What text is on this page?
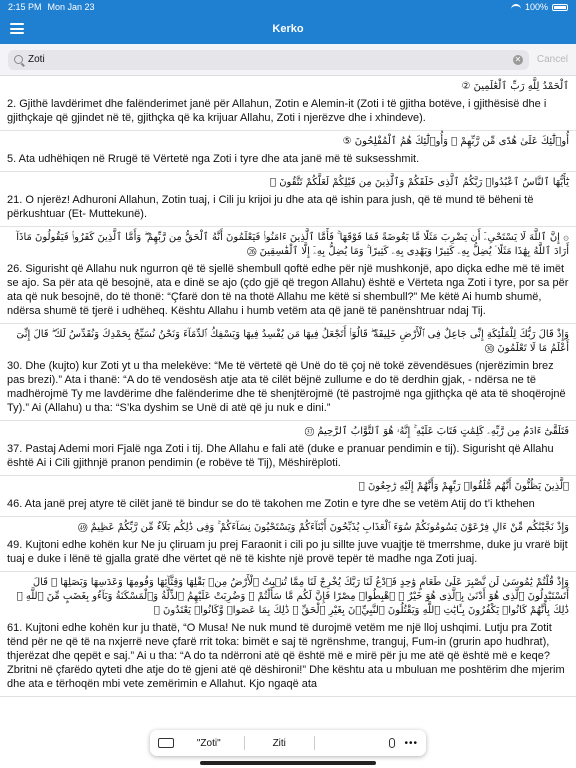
2:15 PM Mon Jan 23	100%
Kerko
Zoti
✕ Cancel
ٱلْحَمْدُ لِلَّهِ رَبِّ ٱلْعَٰلَمِينَ ②
2. Gjithë lavdërimet dhe falënderimet janë për Allahun, Zotin e Alemin-it (Zoti i të gjitha botëve, i gjithësisë dhe i gjithçkaje që gjindet në të, gjithçka që ka krijuar Allahu, Zoti i njerëzve dhe i xhindeve).
أُو۟لَٰٓئِكَ عَلَىٰ هُدًى مِّن رَّبِّهِمْ ۖ وَأُو۟لَٰٓئِكَ هُمُ ٱلْمُفْلِحُونَ ⑤
5. Ata udhëhiqen në Rrugë të Vërtetë nga Zoti i tyre dhe ata janë më të suksesshmit.
يَٰٓأَيُّهَا ٱلنَّاسُ ٱعْبُدُوا۟ رَبَّكُمُ ٱلَّذِى خَلَقَكُمْ وَٱلَّذِينَ مِن قَبْلِكُمْ لَعَلَّكُمْ تَتَّقُونَ ㉑
21. O njerëz! Adhuroni Allahun, Zotin tuaj, i Cili ju krijoi ju dhe ata që ishin para jush, që të mund të bëheni të përkushtuar (Et- Muttekunë).
۞ إِنَّ ٱللَّهَ لَا يَسْتَحْىِۦٓ أَن يَضْرِبَ مَثَلًا مَّا بَعُوضَةً فَمَا فَوْقَهَا ۚ فَأَمَّا ٱلَّذِينَ ءَامَنُوا۟ فَيَعْلَمُونَ أَنَّهُ ٱلْحَقُّ مِن رَّبِّهِمْ ۖ وَأَمَّا ٱلَّذِينَ كَفَرُوا۟ فَيَقُولُونَ مَاذَآ أَرَادَ ٱللَّهُ بِهَٰذَا مَثَلًا ۘ يُضِلُّ بِهِۦ كَثِيرًا وَيَهْدِى بِهِۦ كَثِيرًا ۚ وَمَا يُضِلُّ بِهِۦٓ إِلَّا ٱلْفَٰسِقِينَ ㉖
26. Sigurisht që Allahu nuk ngurron që të sjellë shembull qoftë edhe për një mushkonjë, apo diçka edhe më të imët se ajo. Sa për ata që besojnë, ata e dinë se ajo (çdo gjë që tregon Allahu) është e Vërteta nga Zoti i tyre, por sa për ata që nuk besojnë, do të thonë: “Çfarë don të na thotë Allahu me këtë si shembull?” Me këtë Ai humb shumë, ndërsa shumë të tjerë i udhëheq. Kështu Allahu i humb vetëm ata që janë të panënshtruar ndaj Tij.
وَإِذْ قَالَ رَبُّكَ لِلْمَلَٰٓئِكَةِ إِنِّى جَاعِلٌ فِى ٱلْأَرْضِ خَلِيفَةً ۖ قَالُوٓا۟ أَتَجْعَلُ فِيهَا مَن يُفْسِدُ فِيهَا وَيَسْفِكُ ٱلدِّمَآءَ وَنَحْنُ نُسَبِّحُ بِحَمْدِكَ وَنُقَدِّسُ لَكَ ۖ قَالَ إِنِّىٓ أَعْلَمُ مَا لَا تَعْلَمُونَ ㉚
30. Dhe (kujto) kur Zoti yt u tha melekëve: “Me të vërtetë që Unë do të çoj në tokë zëvendësues (njerëzimin brez pas brezi).” Ata i thanë: “A do të vendosësh atje ata të cilët bëjnë zullume e do të derdhin gjak, - ndërsa ne të madhërojmë Ty me lavdërime dhe falënderime dhe të shenjtërojmë (të pastrojmë nga gjithçka që ata të shoqërojnë Ty).” Ai (Allahu) u tha: “S’ka dyshim se Unë di atë që ju nuk e dini.”
فَتَلَقَّىٰٓ ءَادَمُ مِن رَّبِّهِۦ كَلِمَٰتٍ فَتَابَ عَلَيْهِ ۚ إِنَّهُۥ هُوَ ٱلتَّوَّابُ ٱلرَّحِيمُ ㊲
37. Pastaj Ademi mori Fjalë nga Zoti i tij. Dhe Allahu e fali atë (duke e pranuar pendimin e tij). Sigurisht që Allahu është Ai i Cili gjithnjë pranon pendimin (e robëve të Tij), Mëshirëploti.
ٱلَّذِينَ يَظُنُّونَ أَنَّهُم مُّلَٰقُوا۟ رَبِّهِمْ وَأَنَّهُمْ إِلَيْهِ رَٰجِعُونَ ㊻
46. Ata janë prej atyre të cilët janë të bindur se do të takohen me Zotin e tyre dhe se vetëm Atij do t’i kthehen
وَإِذْ نَجَّيْنَٰكُم مِّنْ ءَالِ فِرْعَوْنَ يَسُومُونَكُمْ سُوٓءَ ٱلْعَذَابِ يُذَبِّحُونَ أَبْنَآءَكُمْ وَيَسْتَحْيُونَ نِسَآءَكُمْ ۚ وَفِى ذَٰلِكُم بَلَآءٌ مِّن رَّبِّكُمْ عَظِيمٌ ㊾
49. Kujtoni edhe kohën kur Ne ju çliruam ju prej Faraonit i cili po ju sillte juve vuajtje të tmerrshme, duke ju vrarë bijt tuaj e duke i lënë të gjalla gratë dhe vërtet që në të kishte një provë tepër të madhe nga Zoti juaj.
وَإِذْ قُلْتُمْ يَٰمُوسَىٰ لَن نَّصْبِرَ عَلَىٰ طَعَامٍ وَٰحِدٍ فَٱدْعُ لَنَا رَبَّكَ يُخْرِجْ لَنَا مِمَّا تُنۢبِتُ ٱلْأَرْضُ مِنۢ بَقْلِهَا وَقِثَّآئِهَا وَفُومِهَا وَعَدَسِهَا وَبَصَلِهَا ۖ قَالَ أَتَسْتَبْدِلُونَ ٱلَّذِى هُوَ أَدْنَىٰ بِٱلَّذِى هُوَ خَيْرٌ ۚ ٱهْبِطُوا۟ مِصْرًا فَإِنَّ لَكُم مَّا سَأَلْتُمْ ۗ وَضُرِبَتْ عَلَيْهِمُ ٱلذِّلَّةُ وَٱلْمَسْكَنَةُ وَبَآءُو بِغَضَبٍ مِّنَ ٱللَّهِ ۗ ذَٰلِكَ بِأَنَّهُمْ كَانُوا۟ يَكْفُرُونَ بِـَٔايَٰتِ ٱللَّهِ وَيَقْتُلُونَ ٱلنَّبِيِّۦنَ بِغَيْرِ ٱلْحَقِّ ۗ ذَٰلِكَ بِمَا عَصَوا۟ وَّكَانُوا۟ يَعْتَدُونَ ㊶
61. Kujtoni edhe kohën kur ju thatë, “O Musa! Ne nuk mund të durojmë vetëm me një lloj ushqimi. Lutju pra Zotit tënd për ne që të na nxjerrë neve çfarë rrit toka: bimët e saj të ngrënshme, tranguj, Fum-in (grurin apo hudhrat), thjerëzat dhe qepët e saj.” Ai u tha: “A do ta ndërroni atë që është më e mirë për ju me atë që është më e keqe? Zbritni në çfarëdo qyteti dhe atje do të gjeni atë që dëshironi!” Dhe kështu ata u mbuluan me poshtërim dhe mjerim dhe ata e tërhoqën mbi vete zemërimin e Allahut. Kjo ngaqë ata
"Zoti"	Ziti	•••
